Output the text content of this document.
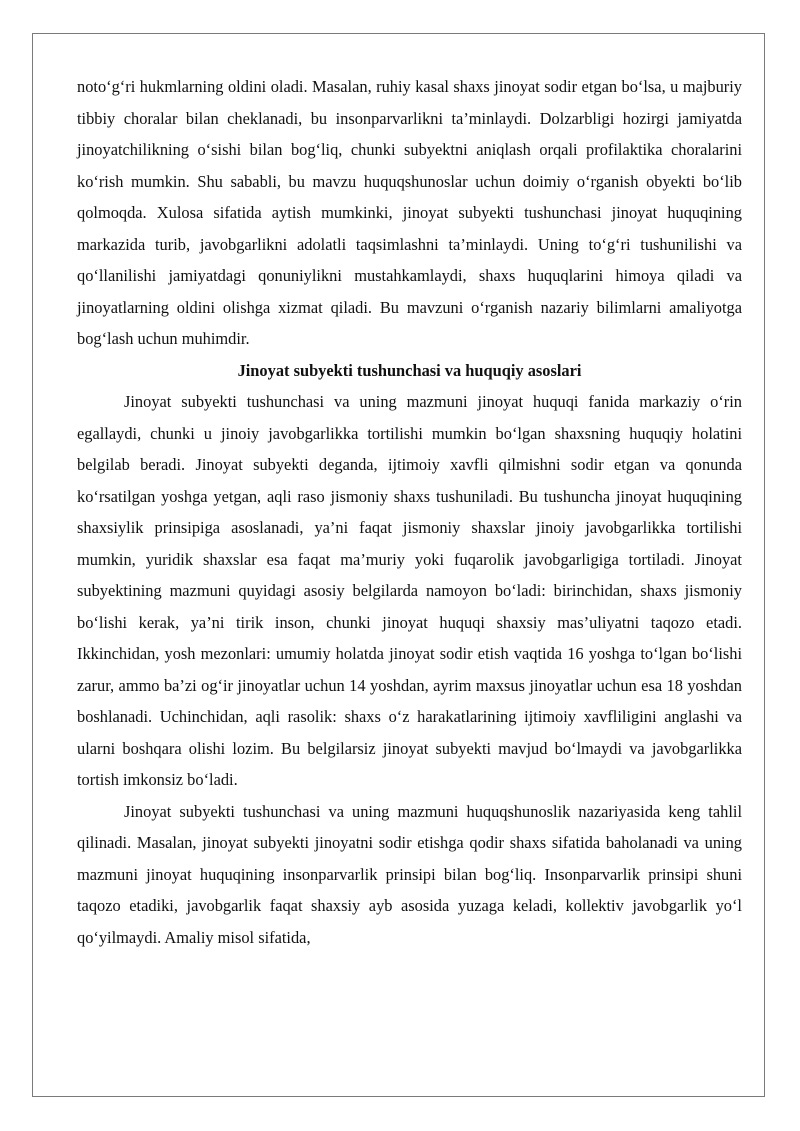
noto‘g‘ri hukmlarning oldini oladi. Masalan, ruhiy kasal shaxs jinoyat sodir etgan bo‘lsa, u majburiy tibbiy choralar bilan cheklanadi, bu insonparvarlikni ta’minlaydi. Dolzarbligi hozirgi jamiyatda jinoyatchilikning o‘sishi bilan bog‘liq, chunki subyektni aniqlash orqali profilaktika choralarini ko‘rish mumkin. Shu sababli, bu mavzu huquqshunoslar uchun doimiy o‘rganish obyekti bo‘lib qolmoqda. Xulosa sifatida aytish mumkinki, jinoyat subyekti tushunchasi jinoyat huquqining markazida turib, javobgarlikni adolatli taqsimlashni ta’minlaydi. Uning to‘g‘ri tushunilishi va qo‘llanilishi jamiyatdagi qonuniylikni mustahkamlaydi, shaxs huquqlarini himoya qiladi va jinoyatlarning oldini olishga xizmat qiladi. Bu mavzuni o‘rganish nazariy bilimlarni amaliyotga bog‘lash uchun muhimdir.

Jinoyat subyekti tushunchasi va huquqiy asoslari

Jinoyat subyekti tushunchasi va uning mazmuni jinoyat huquqi fanida markaziy o‘rin egallaydi, chunki u jinoiy javobgarlikka tortilishi mumkin bo‘lgan shaxsning huquqiy holatini belgilab beradi. Jinoyat subyekti deganda, ijtimoiy xavfli qilmishni sodir etgan va qonunda ko‘rsatilgan yoshga yetgan, aqli raso jismoniy shaxs tushuniladi. Bu tushuncha jinoyat huquqining shaxsiylik prinsipiga asoslanadi, ya’ni faqat jismoniy shaxslar jinoiy javobgarlikka tortilishi mumkin, yuridik shaxslar esa faqat ma’muriy yoki fuqarolik javobgarligiga tortiladi. Jinoyat subyektining mazmuni quyidagi asosiy belgilarda namoyon bo‘ladi: birinchidan, shaxs jismoniy bo‘lishi kerak, ya’ni tirik inson, chunki jinoyat huquqi shaxsiy mas’uliyatni taqozo etadi. Ikkinchidan, yosh mezonlari: umumiy holatda jinoyat sodir etish vaqtida 16 yoshga to‘lgan bo‘lishi zarur, ammo ba’zi og‘ir jinoyatlar uchun 14 yoshdan, ayrim maxsus jinoyatlar uchun esa 18 yoshdan boshlanadi. Uchinchidan, aqli rasolik: shaxs o‘z harakatlarining ijtimoiy xavfliligini anglashi va ularni boshqara olishi lozim. Bu belgilarsiz jinoyat subyekti mavjud bo‘lmaydi va javobgarlikka tortish imkonsiz bo‘ladi.

Jinoyat subyekti tushunchasi va uning mazmuni huquqshunoslik nazariyasida keng tahlil qilinadi. Masalan, jinoyat subyekti jinoyatni sodir etishga qodir shaxs sifatida baholanadi va uning mazmuni jinoyat huquqining insonparvarlik prinsipi bilan bog‘liq. Insonparvarlik prinsipi shuni taqozo etadiki, javobgarlik faqat shaxsiy ayb asosida yuzaga keladi, kollektiv javobgarlik yo‘l qo‘yilmaydi. Amaliy misol sifatida,
